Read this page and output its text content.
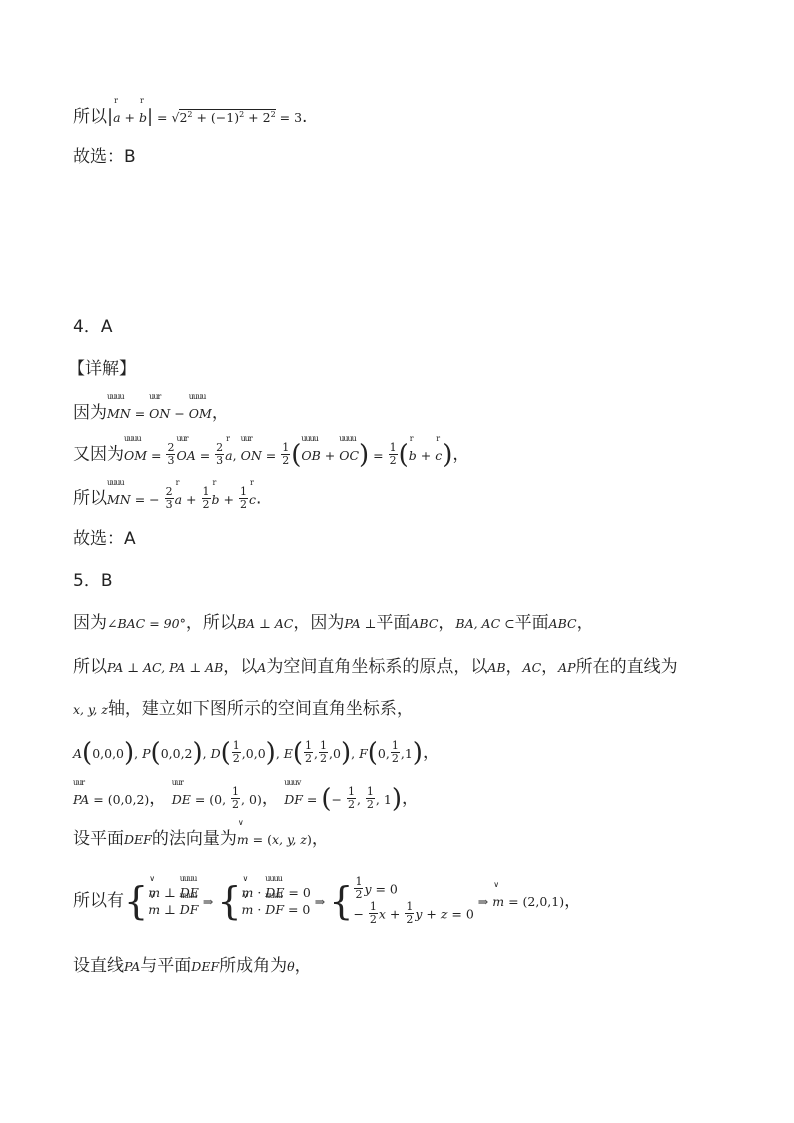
所以|r a + r $b| = √2^2 + (-1)^2 + 2^2 = 3$.
故选：B
4．A
【详解】
因为uuuu MN = uur ON − uuuu OM，
又因为uuuu OM = $\frac{2}{3}$ uur OA = $\frac{2}{3}$ r a, uur ON = $\frac{1}{2}$ (uuuu OB + uuuu $OC) = \frac{1}{2} (r$ b + r c)，
所以uuuu MN = − $\frac{2}{3}$ r $a + \frac{1}{2}$ r $b + \frac{1}{2}$ r c.
故选：A
5．B
因为∠BAC = 90°，所以BA ⊥ AC，因为PA ⊥平面ABC，BA, AC ⊂平面ABC，
所以PA ⊥ AC, PA ⊥ AB，以A为空间直角坐标系的原点，以AB，AC，AP所在的直线为
x, y, z轴，建立如下图所示的空间直角坐标系，
A(0,0,0), P(0,0,2), $D( \frac{1}{2} ,0,0)$, $E( \frac{1}{2}$ , $\frac{1}{2} ,0$), F(0, $\frac{1}{2} ,1$)，
uur PA = (0,0,2)， uur DE = (0, $\frac{1}{2}$ , 0)， uuuv DF = (− $\frac{1}{2}$ , $\frac{1}{2}$ , 1)，
设平面DEF的法向量为∨ m = (x, y, z)，
所以有{ ∨ m ⊥ uuuu DE
∨ m ⊥ uuuu DF
⇒ { ∨ m · uuuu DE = 0
∨ m · uuuu DF = 0
⇒ { $\frac{1}{2}$ y = 0
− $\frac{1}{2}$ $x + \frac{1}{2}$ y + z = 0
⇒ ∨ m = (2,0,1)，
设直线PA与平面DEF所成角为θ，
